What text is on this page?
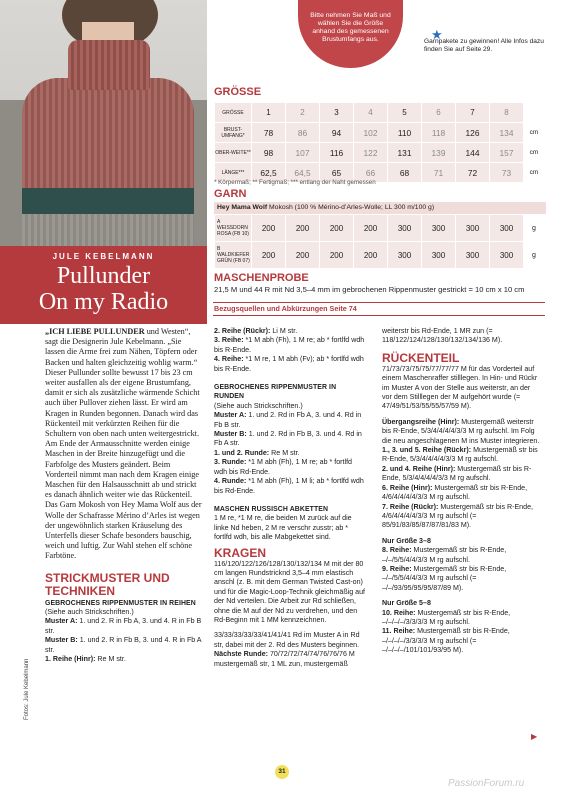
JULE KEBELMANN
Pullunder
On my Radio
Bitte nehmen Sie Maß und wählen Sie die Größe anhand des gemessenen Brustumfangs aus.	★
Garnpakete zu gewinnen! Alle Infos dazu finden Sie auf Seite 29.
GRÖSSE
GRÖSSE	1	2	3	4	5	6	7	8	
BRUST-UMFANG*	78	86	94	102	110	118	126	134	cm
OBER-WEITE**	98	107	116	122	131	139	144	157	cm
LÄNGE***	62,5	64,5	65	66	68	71	72	73	cm
* Körpermaß; ** Fertigmaß; *** entlang der Naht gemessen
GARN
Hey Mama Wolf Mokosh (100 % Mérino-d’Arles-Wolle; LL 300 m/100 g)
A WEISSDORN ROSA (FB 10)	200	200	200	200	300	300	300	300	g
B WALDKIEFER GRÜN (FB 07)	200	200	200	200	300	300	300	300	g
MASCHENPROBE
21,5 M und 44 R mit Nd 3,5–4 mm im gebrochenen Rippenmuster gestrickt = 10 cm x 10 cm
Bezugsquellen und Abkürzungen Seite 74

„ICH LIEBE PULLUNDER und Westen“, sagt die Designerin Jule Kebelmann. „Sie lassen die Arme frei zum Nähen, Töpfern oder Backen und halten gleichzeitig wohlig warm.“ Dieser Pullunder sollte bewusst 17 bis 23 cm weiter ausfallen als der eigene Brustumfang, damit er sich als zusätzliche wärmende Schicht auch über Pullover ziehen lässt. Er wird am Kragen in Runden begonnen. Danach wird das Rückenteil mit verkürzten Reihen für die Schultern von oben nach unten weitergestrickt. Am Ende der Armausschnitte werden einige Maschen in der Breite hinzugefügt und die Farbfolge des Musters geändert. Beim Vorderteil nimmt man nach dem Kragen einige Maschen für den Halsausschnitt ab und strickt es danach ähnlich weiter wie das Rückenteil. Das Garn Mokosh von Hey Mama Wolf aus der Wolle der Schafrasse Mérino d’Arles ist wegen der ungewöhnlich starken Kräuselung des Unterfells dieser Schafe besonders bauschig, weich und luftig. Zur Wahl stehen elf schöne Farbtöne.

STRICKMUSTER UND TECHNIKEN
GEBROCHENES RIPPENMUSTER IN REIHEN

(Siehe auch Strickschriften.)

Muster A: 1. und 2. R in Fb A, 3. und 4. R in Fb B str.

Muster B: 1. und 2. R in Fb B, 3. und 4. R in Fb A str.

1. Reihe (Hinr): Re M str.

Fotos: Jule Kebelmann

2. Reihe (Rückr): Li M str.

3. Reihe: *1 M abh (Fh), 1 M re; ab * fortlfd wdh bis R-Ende.

4. Reihe: *1 M re, 1 M abh (Fv); ab * fortlfd wdh bis R-Ende.

GEBROCHENES RIPPENMUSTER IN RUNDEN

(Siehe auch Strickschriften.)

Muster A: 1. und 2. Rd in Fb A, 3. und 4. Rd in Fb B str.

Muster B: 1. und 2. Rd in Fb B, 3. und 4. Rd in Fb A str.

1. und 2. Runde: Re M str.

3. Runde: *1 M abh (Fh), 1 M re; ab * fortlfd wdh bis Rd-Ende.

4. Runde: *1 M abh (Fh), 1 M li; ab * fortlfd wdh bis Rd-Ende.

MASCHEN RUSSISCH ABKETTEN

1 M re, *1 M re, die beiden M zurück auf die linke Nd heben, 2 M re verschr zusstr; ab * fortlfd wdh, bis alle Mabgekettet sind.

KRAGEN

116/120/122/126/128/130/132/134 M mit der 80 cm langen Rundstricknd 3,5–4 mm elastisch anschl (z. B. mit dem German Twisted Cast-on) und für die Magic-Loop-Technik gleichmäßig auf der Nd verteilen. Die Arbeit zur Rd schließen, ohne die M auf der Nd zu verdrehen, und den Rd-Beginn mit 1 MM kennzeichnen.

33/33/33/33/33/41/41/41 Rd im Muster A in Rd str, dabei mit der 2. Rd des Musters beginnen.

Nächste Runde: 70/72/72/74/74/76/76/76 M mustergemäß str, 1 ML zun, mustergemäß

weiterstr bis Rd-Ende, 1 MR zun (= 118/122/124/128/130/132/134/136 M).

RÜCKENTEIL

71/73/73/75/75/77/77/77 M für das Vorderteil auf einem Maschenraffer stilllegen. In Hin- und Rückr im Muster A von der Stelle aus weiterstr, an der vor dem Stilllegen der M aufgehört wurde (= 47/49/51/53/55/55/57/59 M).

Übergangsreihe (Hinr): Mustergemäß weiterstr bis R-Ende, 5/3/4/4/4/4/3/3 M rg aufschl. Im Folg die neu angeschlagenen M ins Muster integrieren.

1., 3. und 5. Reihe (Rückr): Mustergemäß str bis R-Ende, 5/3/4/4/4/4/3/3 M rg aufschl.

2. und 4. Reihe (Hinr): Mustergemäß str bis R-Ende, 5/3/4/4/4/4/3/3 M rg aufschl.

6. Reihe (Hinr): Mustergemäß str bis R-Ende, 4/6/4/4/4/4/3/3 M rg aufschl.

7. Reihe (Rückr): Mustergemäß str bis R-Ende, 4/6/4/4/4/4/3/3 M rg aufschl (= 85/91/83/85/87/87/81/83 M).

Nur Größe 3–8

8. Reihe: Mustergemäß str bis R-Ende, –/–/5/5/4/4/3/3 M rg aufschl.

9. Reihe: Mustergemäß str bis R-Ende, –/–/5/5/4/4/3/3 M rg aufschl (= –/–/93/95/95/95/87/89 M).

Nur Größe 5–8

10. Reihe: Mustergemäß str bis R-Ende, –/–/–/–/3/3/3/3 M rg aufschl.

11. Reihe: Mustergemäß str bis R-Ende, –/–/–/–/3/3/3/3 M rg aufschl (= –/–/–/–/101/101/93/95 M).

▶
31
PassionForum.ru
